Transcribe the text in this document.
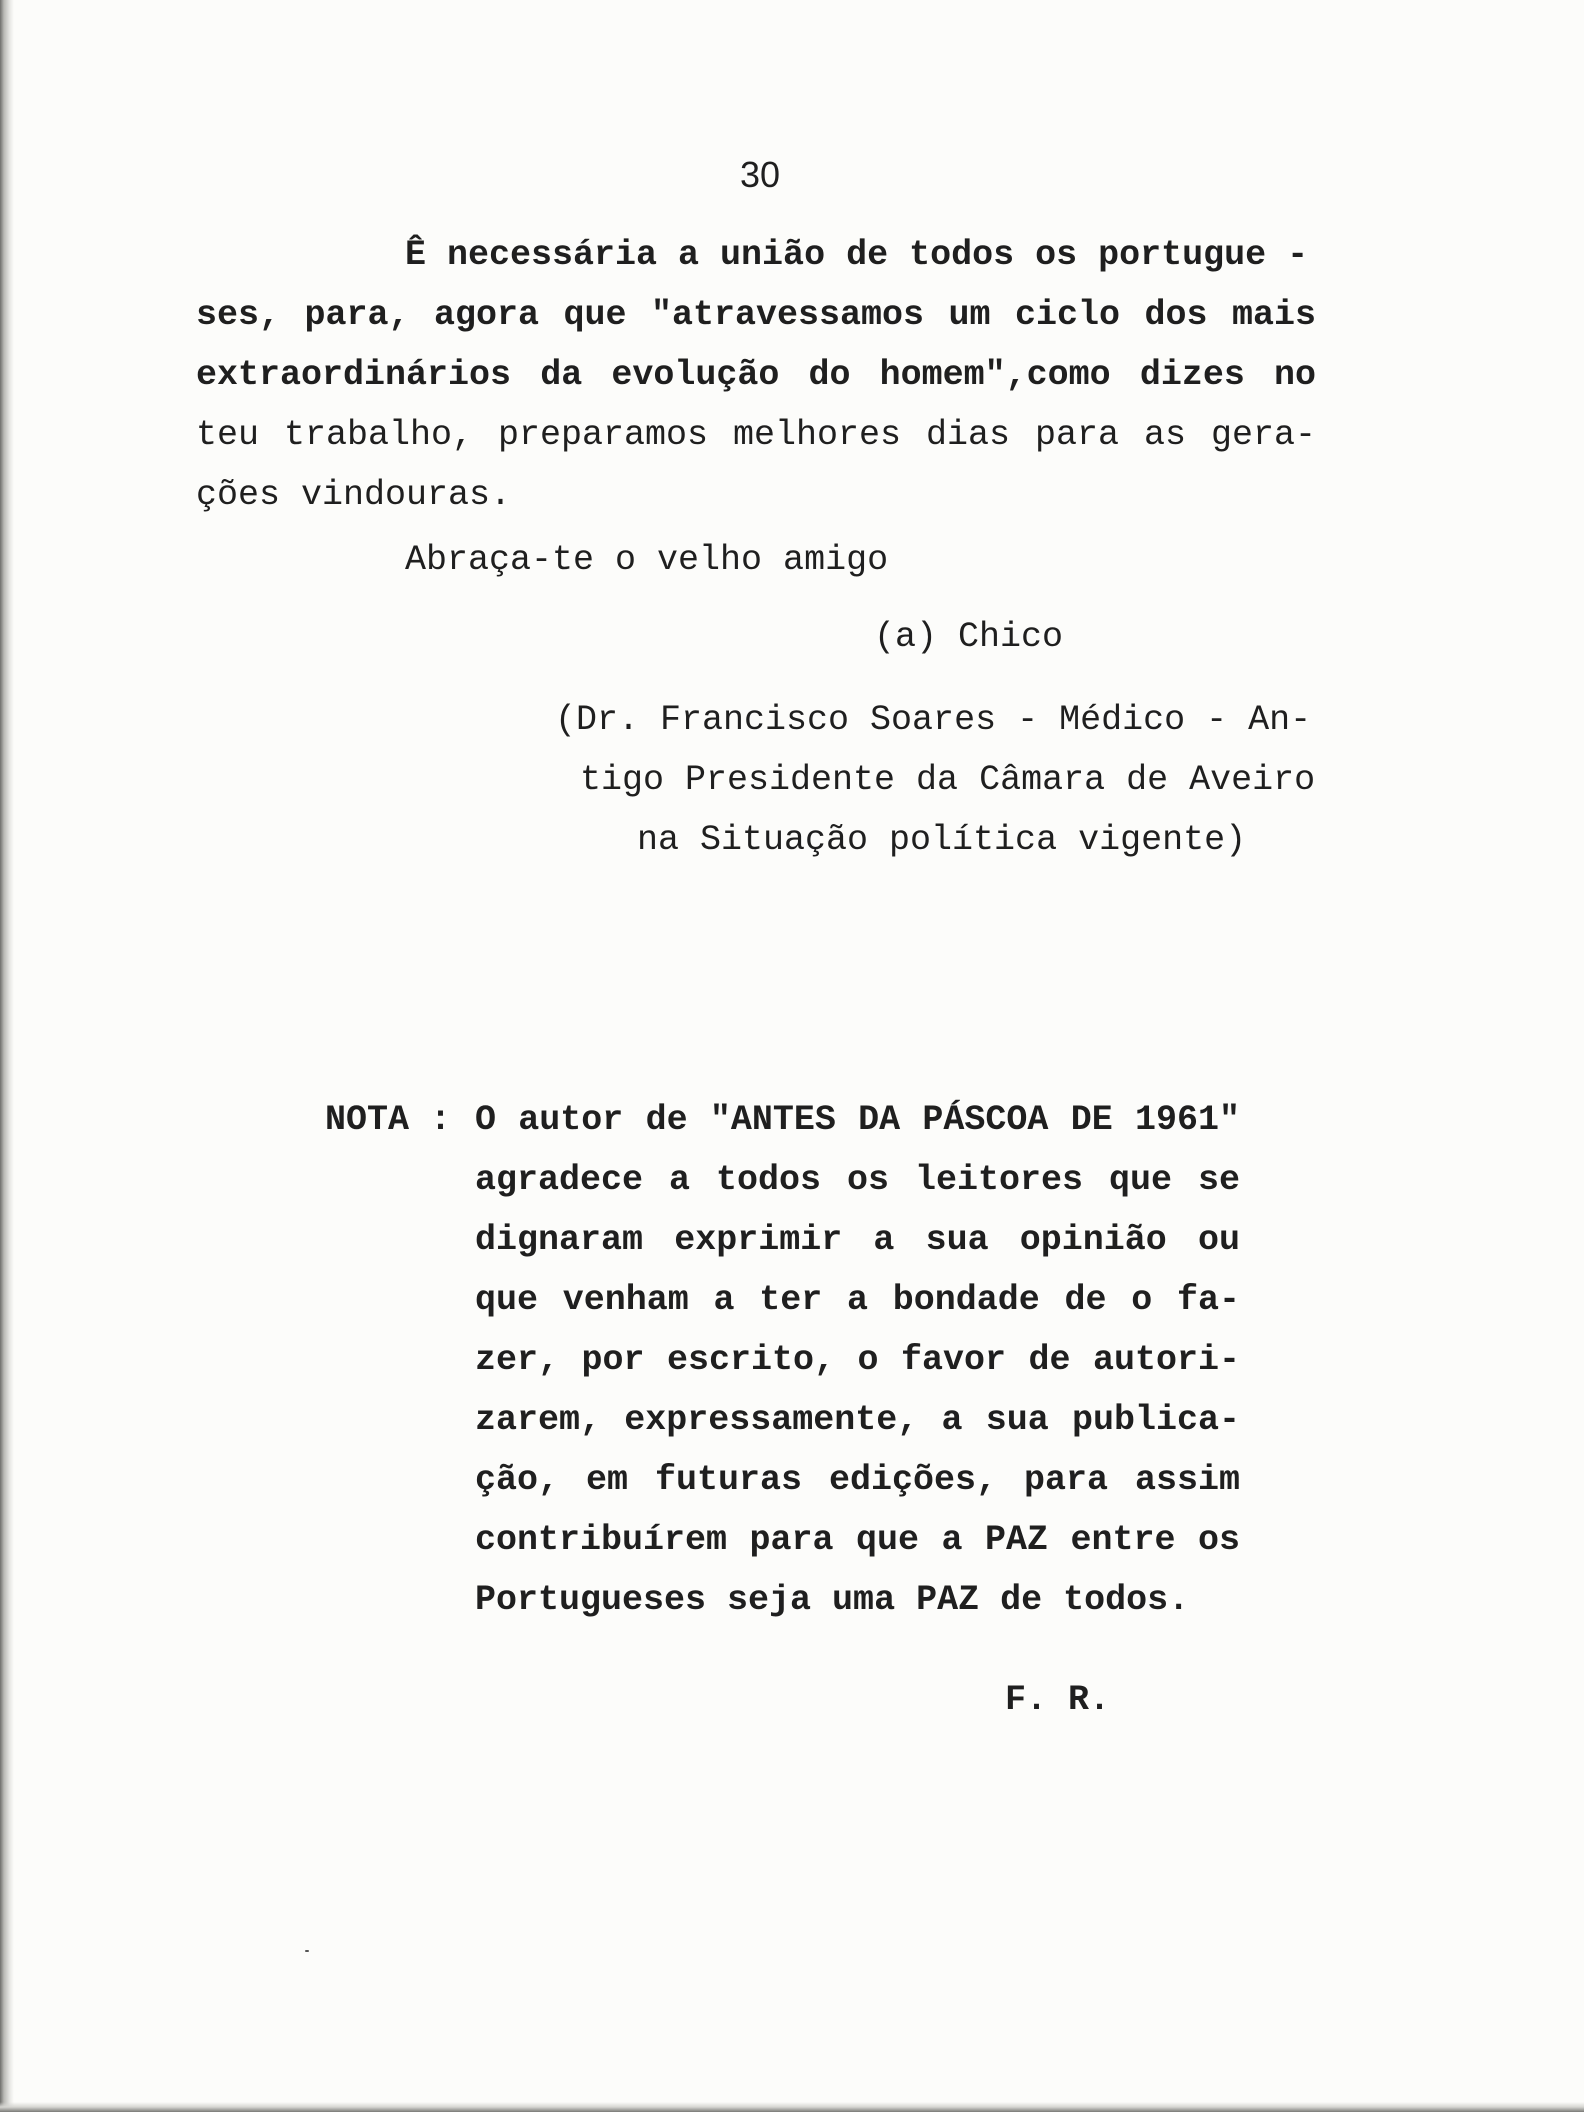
30

Ê necessária a união de todos os portugue -

ses, para, agora que "atravessamos um ciclo dos mais

extraordinários da evolução do homem",como dizes no

teu trabalho, preparamos melhores dias para as gera-

ções vindouras.

Abraça-te o velho amigo

(a) Chico

(Dr. Francisco Soares - Médico - An-

tigo Presidente da Câmara de Aveiro

na Situação política vigente)

NOTA : O autor de "ANTES DA PÁSCOA DE 1961"

agradece a todos os leitores que se

dignaram exprimir a sua opinião ou

que venham a ter a bondade de o fa-

zer, por escrito, o favor de autori-

zarem, expressamente, a sua publica-

ção, em futuras edições, para assim

contribuírem para que a PAZ entre os

Portugueses seja uma PAZ de todos.

F. R.
